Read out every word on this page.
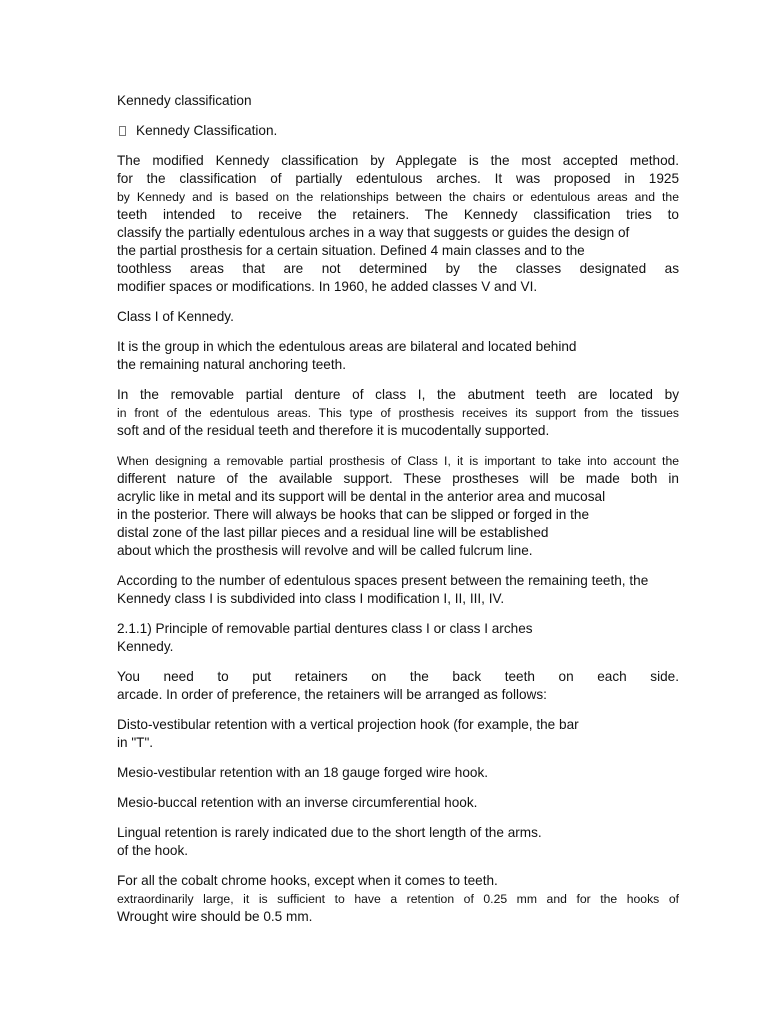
Kennedy classification
Kennedy Classification.
The modified Kennedy classification by Applegate is the most accepted method.
for the classification of partially edentulous arches. It was proposed in 1925
by Kennedy and is based on the relationships between the chairs or edentulous areas and the
teeth intended to receive the retainers. The Kennedy classification tries to
classify the partially edentulous arches in a way that suggests or guides the design of
the partial prosthesis for a certain situation. Defined 4 main classes and to the
toothless areas that are not determined by the classes designated as
modifier spaces or modifications. In 1960, he added classes V and VI.
Class I of Kennedy.
It is the group in which the edentulous areas are bilateral and located behind
the remaining natural anchoring teeth.
In the removable partial denture of class I, the abutment teeth are located by
in front of the edentulous areas. This type of prosthesis receives its support from the tissues
soft and of the residual teeth and therefore it is mucodentally supported.
When designing a removable partial prosthesis of Class I, it is important to take into account the
different nature of the available support. These prostheses will be made both in
acrylic like in metal and its support will be dental in the anterior area and mucosal
in the posterior. There will always be hooks that can be slipped or forged in the
distal zone of the last pillar pieces and a residual line will be established
about which the prosthesis will revolve and will be called fulcrum line.
According to the number of edentulous spaces present between the remaining teeth, the
Kennedy class I is subdivided into class I modification I, II, III, IV.
2.1.1) Principle of removable partial dentures class I or class I arches
Kennedy.
You need to put retainers on the back teeth on each side.
arcade. In order of preference, the retainers will be arranged as follows:
Disto-vestibular retention with a vertical projection hook (for example, the bar
in "T".
Mesio-vestibular retention with an 18 gauge forged wire hook.
Mesio-buccal retention with an inverse circumferential hook.
Lingual retention is rarely indicated due to the short length of the arms.
of the hook.
For all the cobalt chrome hooks, except when it comes to teeth.
extraordinarily large, it is sufficient to have a retention of 0.25 mm and for the hooks of
Wrought wire should be 0.5 mm.
